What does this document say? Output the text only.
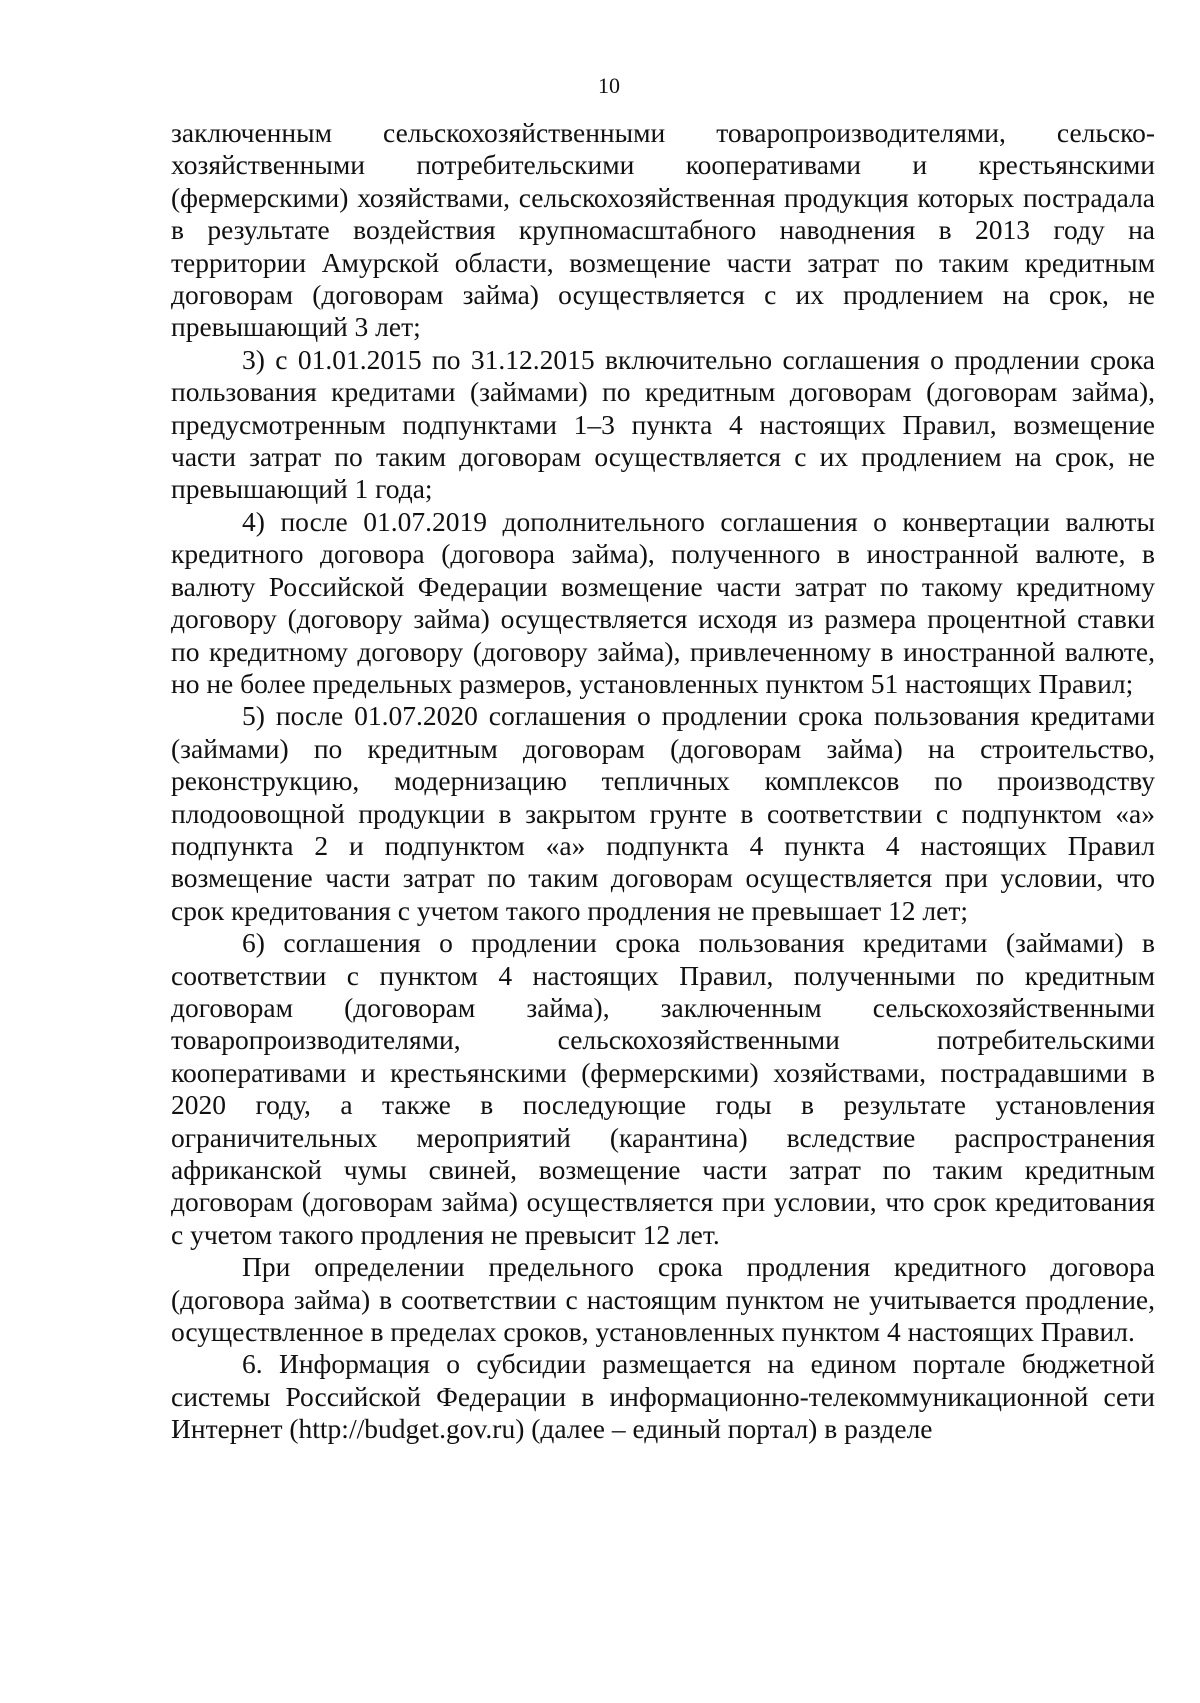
10

заключенным сельскохозяйственными товаропроизводителями, сельско-хозяйственными потребительскими кооперативами и крестьянскими (фермерскими) хозяйствами, сельскохозяйственная продукция которых пострадала в результате воздействия крупномасштабного наводнения в 2013 году на территории Амурской области, возмещение части затрат по таким кредитным договорам (договорам займа) осуществляется с их продлением на срок, не превышающий 3 лет;

3) с 01.01.2015 по 31.12.2015 включительно соглашения о продлении срока пользования кредитами (займами) по кредитным договорам (договорам займа), предусмотренным подпунктами 1–3 пункта 4 настоящих Правил, возмещение части затрат по таким договорам осуществляется с их продлением на срок, не превышающий 1 года;

4) после 01.07.2019 дополнительного соглашения о конвертации валюты кредитного договора (договора займа), полученного в иностранной валюте, в валюту Российской Федерации возмещение части затрат по такому кредитному договору (договору займа) осуществляется исходя из размера процентной ставки по кредитному договору (договору займа), привлеченному в иностранной валюте, но не более предельных размеров, установленных пунктом 51 настоящих Правил;

5) после 01.07.2020 соглашения о продлении срока пользования кредитами (займами) по кредитным договорам (договорам займа) на строительство, реконструкцию, модернизацию тепличных комплексов по производству плодоовощной продукции в закрытом грунте в соответствии с подпунктом «а» подпункта 2 и подпунктом «а» подпункта 4 пункта 4 настоящих Правил возмещение части затрат по таким договорам осуществляется при условии, что срок кредитования с учетом такого продления не превышает 12 лет;

6) соглашения о продлении срока пользования кредитами (займами) в соответствии с пунктом 4 настоящих Правил, полученными по кредитным договорам (договорам займа), заключенным сельскохозяйственными товаропроизводителями, сельскохозяйственными потребительскими кооперативами и крестьянскими (фермерскими) хозяйствами, пострадавшими в 2020 году, а также в последующие годы в результате установления ограничительных мероприятий (карантина) вследствие распространения африканской чумы свиней, возмещение части затрат по таким кредитным договорам (договорам займа) осуществляется при условии, что срок кредитования с учетом такого продления не превысит 12 лет.

При определении предельного срока продления кредитного договора (договора займа) в соответствии с настоящим пунктом не учитывается продление, осуществленное в пределах сроков, установленных пунктом 4 настоящих Правил.

6. Информация о субсидии размещается на едином портале бюджетной системы Российской Федерации в информационно-телекоммуникационной сети Интернет (http://budget.gov.ru) (далее – единый портал) в разделе
